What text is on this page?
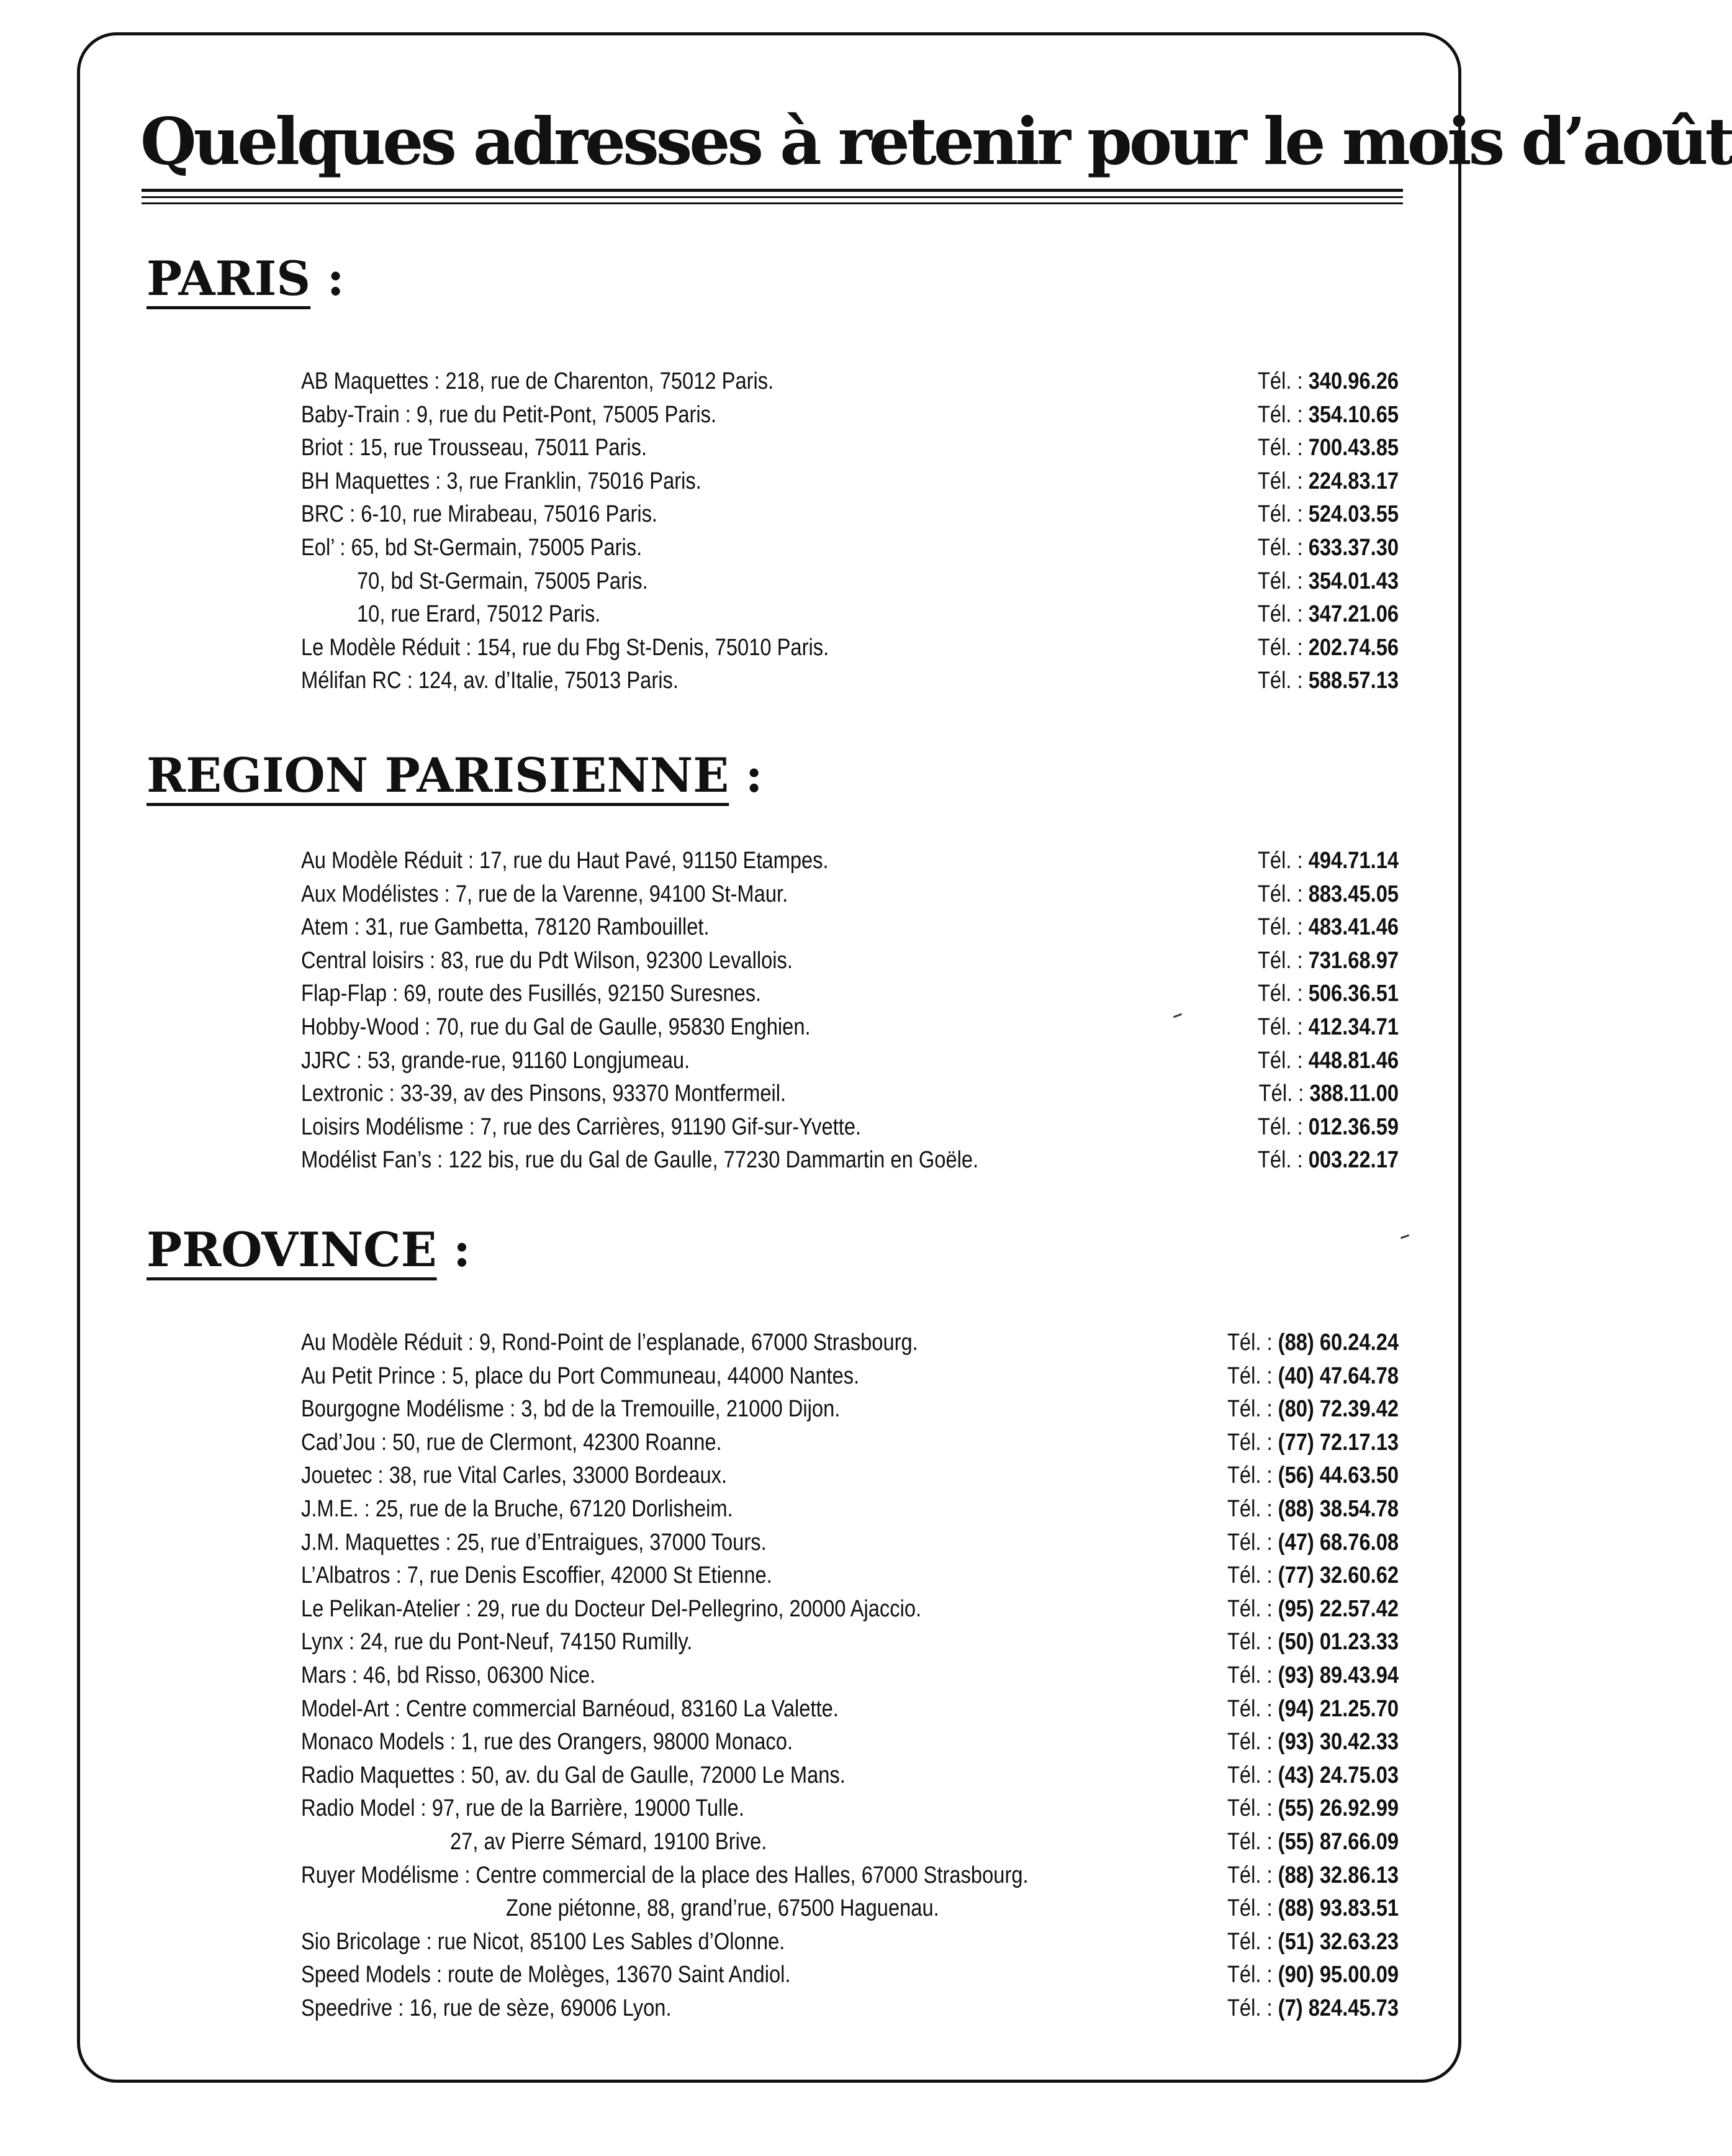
Quelques adresses à retenir pour le mois d’août
PARIS :
AB Maquettes : 218, rue de Charenton, 75012 Paris.	Tél. : 340.96.26
Baby-Train : 9, rue du Petit-Pont, 75005 Paris.	Tél. : 354.10.65
Briot : 15, rue Trousseau, 75011 Paris.	Tél. : 700.43.85
BH Maquettes : 3, rue Franklin, 75016 Paris.	Tél. : 224.83.17
BRC : 6-10, rue Mirabeau, 75016 Paris.	Tél. : 524.03.55
Eol’ : 65, bd St-Germain, 75005 Paris.	Tél. : 633.37.30
70, bd St-Germain, 75005 Paris.	Tél. : 354.01.43
10, rue Erard, 75012 Paris.	Tél. : 347.21.06
Le Modèle Réduit : 154, rue du Fbg St-Denis, 75010 Paris.	Tél. : 202.74.56
Mélifan RC : 124, av. d’Italie, 75013 Paris.	Tél. : 588.57.13
REGION PARISIENNE :
Au Modèle Réduit : 17, rue du Haut Pavé, 91150 Etampes.	Tél. : 494.71.14
Aux Modélistes : 7, rue de la Varenne, 94100 St-Maur.	Tél. : 883.45.05
Atem : 31, rue Gambetta, 78120 Rambouillet.	Tél. : 483.41.46
Central loisirs : 83, rue du Pdt Wilson, 92300 Levallois.	Tél. : 731.68.97
Flap-Flap : 69, route des Fusillés, 92150 Suresnes.	Tél. : 506.36.51
Hobby-Wood : 70, rue du Gal de Gaulle, 95830 Enghien.	Tél. : 412.34.71
JJRC : 53, grande-rue, 91160 Longjumeau.	Tél. : 448.81.46
Lextronic : 33-39, av des Pinsons, 93370 Montfermeil.	Tél. : 388.11.00
Loisirs Modélisme : 7, rue des Carrières, 91190 Gif-sur-Yvette.	Tél. : 012.36.59
Modélist Fan’s : 122 bis, rue du Gal de Gaulle, 77230 Dammartin en Goële.	Tél. : 003.22.17
PROVINCE :
Au Modèle Réduit : 9, Rond-Point de l’esplanade, 67000 Strasbourg.	Tél. : (88) 60.24.24
Au Petit Prince : 5, place du Port Communeau, 44000 Nantes.	Tél. : (40) 47.64.78
Bourgogne Modélisme : 3, bd de la Tremouille, 21000 Dijon.	Tél. : (80) 72.39.42
Cad’Jou : 50, rue de Clermont, 42300 Roanne.	Tél. : (77) 72.17.13
Jouetec : 38, rue Vital Carles, 33000 Bordeaux.	Tél. : (56) 44.63.50
J.M.E. : 25, rue de la Bruche, 67120 Dorlisheim.	Tél. : (88) 38.54.78
J.M. Maquettes : 25, rue d’Entraigues, 37000 Tours.	Tél. : (47) 68.76.08
L’Albatros : 7, rue Denis Escoffier, 42000 St Etienne.	Tél. : (77) 32.60.62
Le Pelikan-Atelier : 29, rue du Docteur Del-Pellegrino, 20000 Ajaccio.	Tél. : (95) 22.57.42
Lynx : 24, rue du Pont-Neuf, 74150 Rumilly.	Tél. : (50) 01.23.33
Mars : 46, bd Risso, 06300 Nice.	Tél. : (93) 89.43.94
Model-Art : Centre commercial Barnéoud, 83160 La Valette.	Tél. : (94) 21.25.70
Monaco Models : 1, rue des Orangers, 98000 Monaco.	Tél. : (93) 30.42.33
Radio Maquettes : 50, av. du Gal de Gaulle, 72000 Le Mans.	Tél. : (43) 24.75.03
Radio Model : 97, rue de la Barrière, 19000 Tulle.	Tél. : (55) 26.92.99
27, av Pierre Sémard, 19100 Brive.	Tél. : (55) 87.66.09
Ruyer Modélisme : Centre commercial de la place des Halles, 67000 Strasbourg.	Tél. : (88) 32.86.13
Zone piétonne, 88, grand’rue, 67500 Haguenau.	Tél. : (88) 93.83.51
Sio Bricolage : rue Nicot, 85100 Les Sables d’Olonne.	Tél. : (51) 32.63.23
Speed Models : route de Molèges, 13670 Saint Andiol.	Tél. : (90) 95.00.09
Speedrive : 16, rue de sèze, 69006 Lyon.	Tél. : (7) 824.45.73
